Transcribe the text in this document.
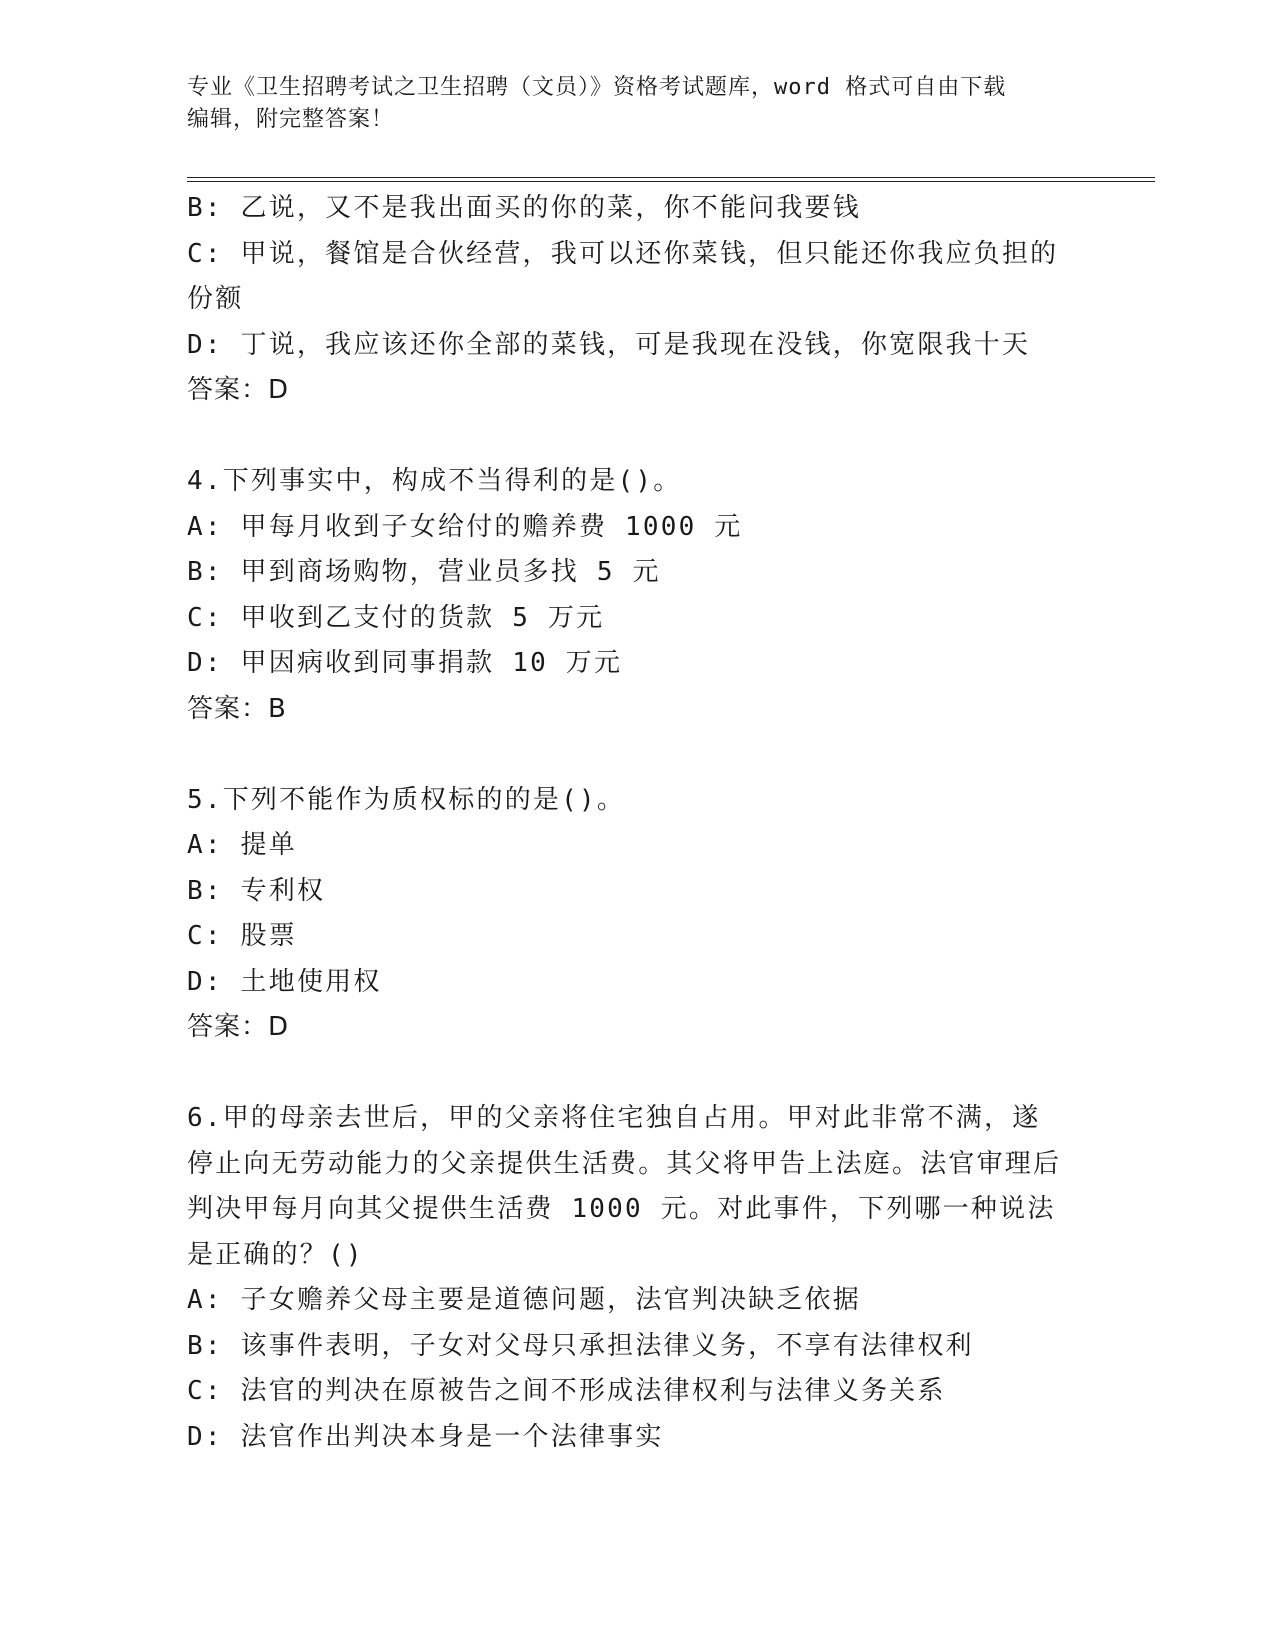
专业《卫生招聘考试之卫生招聘（文员）》资格考试题库，word 格式可自由下载
编辑，附完整答案！

B: 乙说，又不是我出面买的你的菜，你不能问我要钱

C: 甲说，餐馆是合伙经营，我可以还你菜钱，但只能还你我应负担的份额

D: 丁说，我应该还你全部的菜钱，可是我现在没钱，你宽限我十天

答案：D

4.下列事实中，构成不当得利的是()。

A: 甲每月收到子女给付的赡养费 1000 元

B: 甲到商场购物，营业员多找 5 元

C: 甲收到乙支付的货款 5 万元

D: 甲因病收到同事捐款 10 万元

答案：B

5.下列不能作为质权标的的是()。

A: 提单

B: 专利权

C: 股票

D: 土地使用权

答案：D

6.甲的母亲去世后，甲的父亲将住宅独自占用。甲对此非常不满，遂停止向无劳动能力的父亲提供生活费。其父将甲告上法庭。法官审理后判决甲每月向其父提供生活费 1000 元。对此事件，下列哪一种说法是正确的？()

A: 子女赡养父母主要是道德问题，法官判决缺乏依据

B: 该事件表明，子女对父母只承担法律义务，不享有法律权利

C: 法官的判决在原被告之间不形成法律权利与法律义务关系

D: 法官作出判决本身是一个法律事实
